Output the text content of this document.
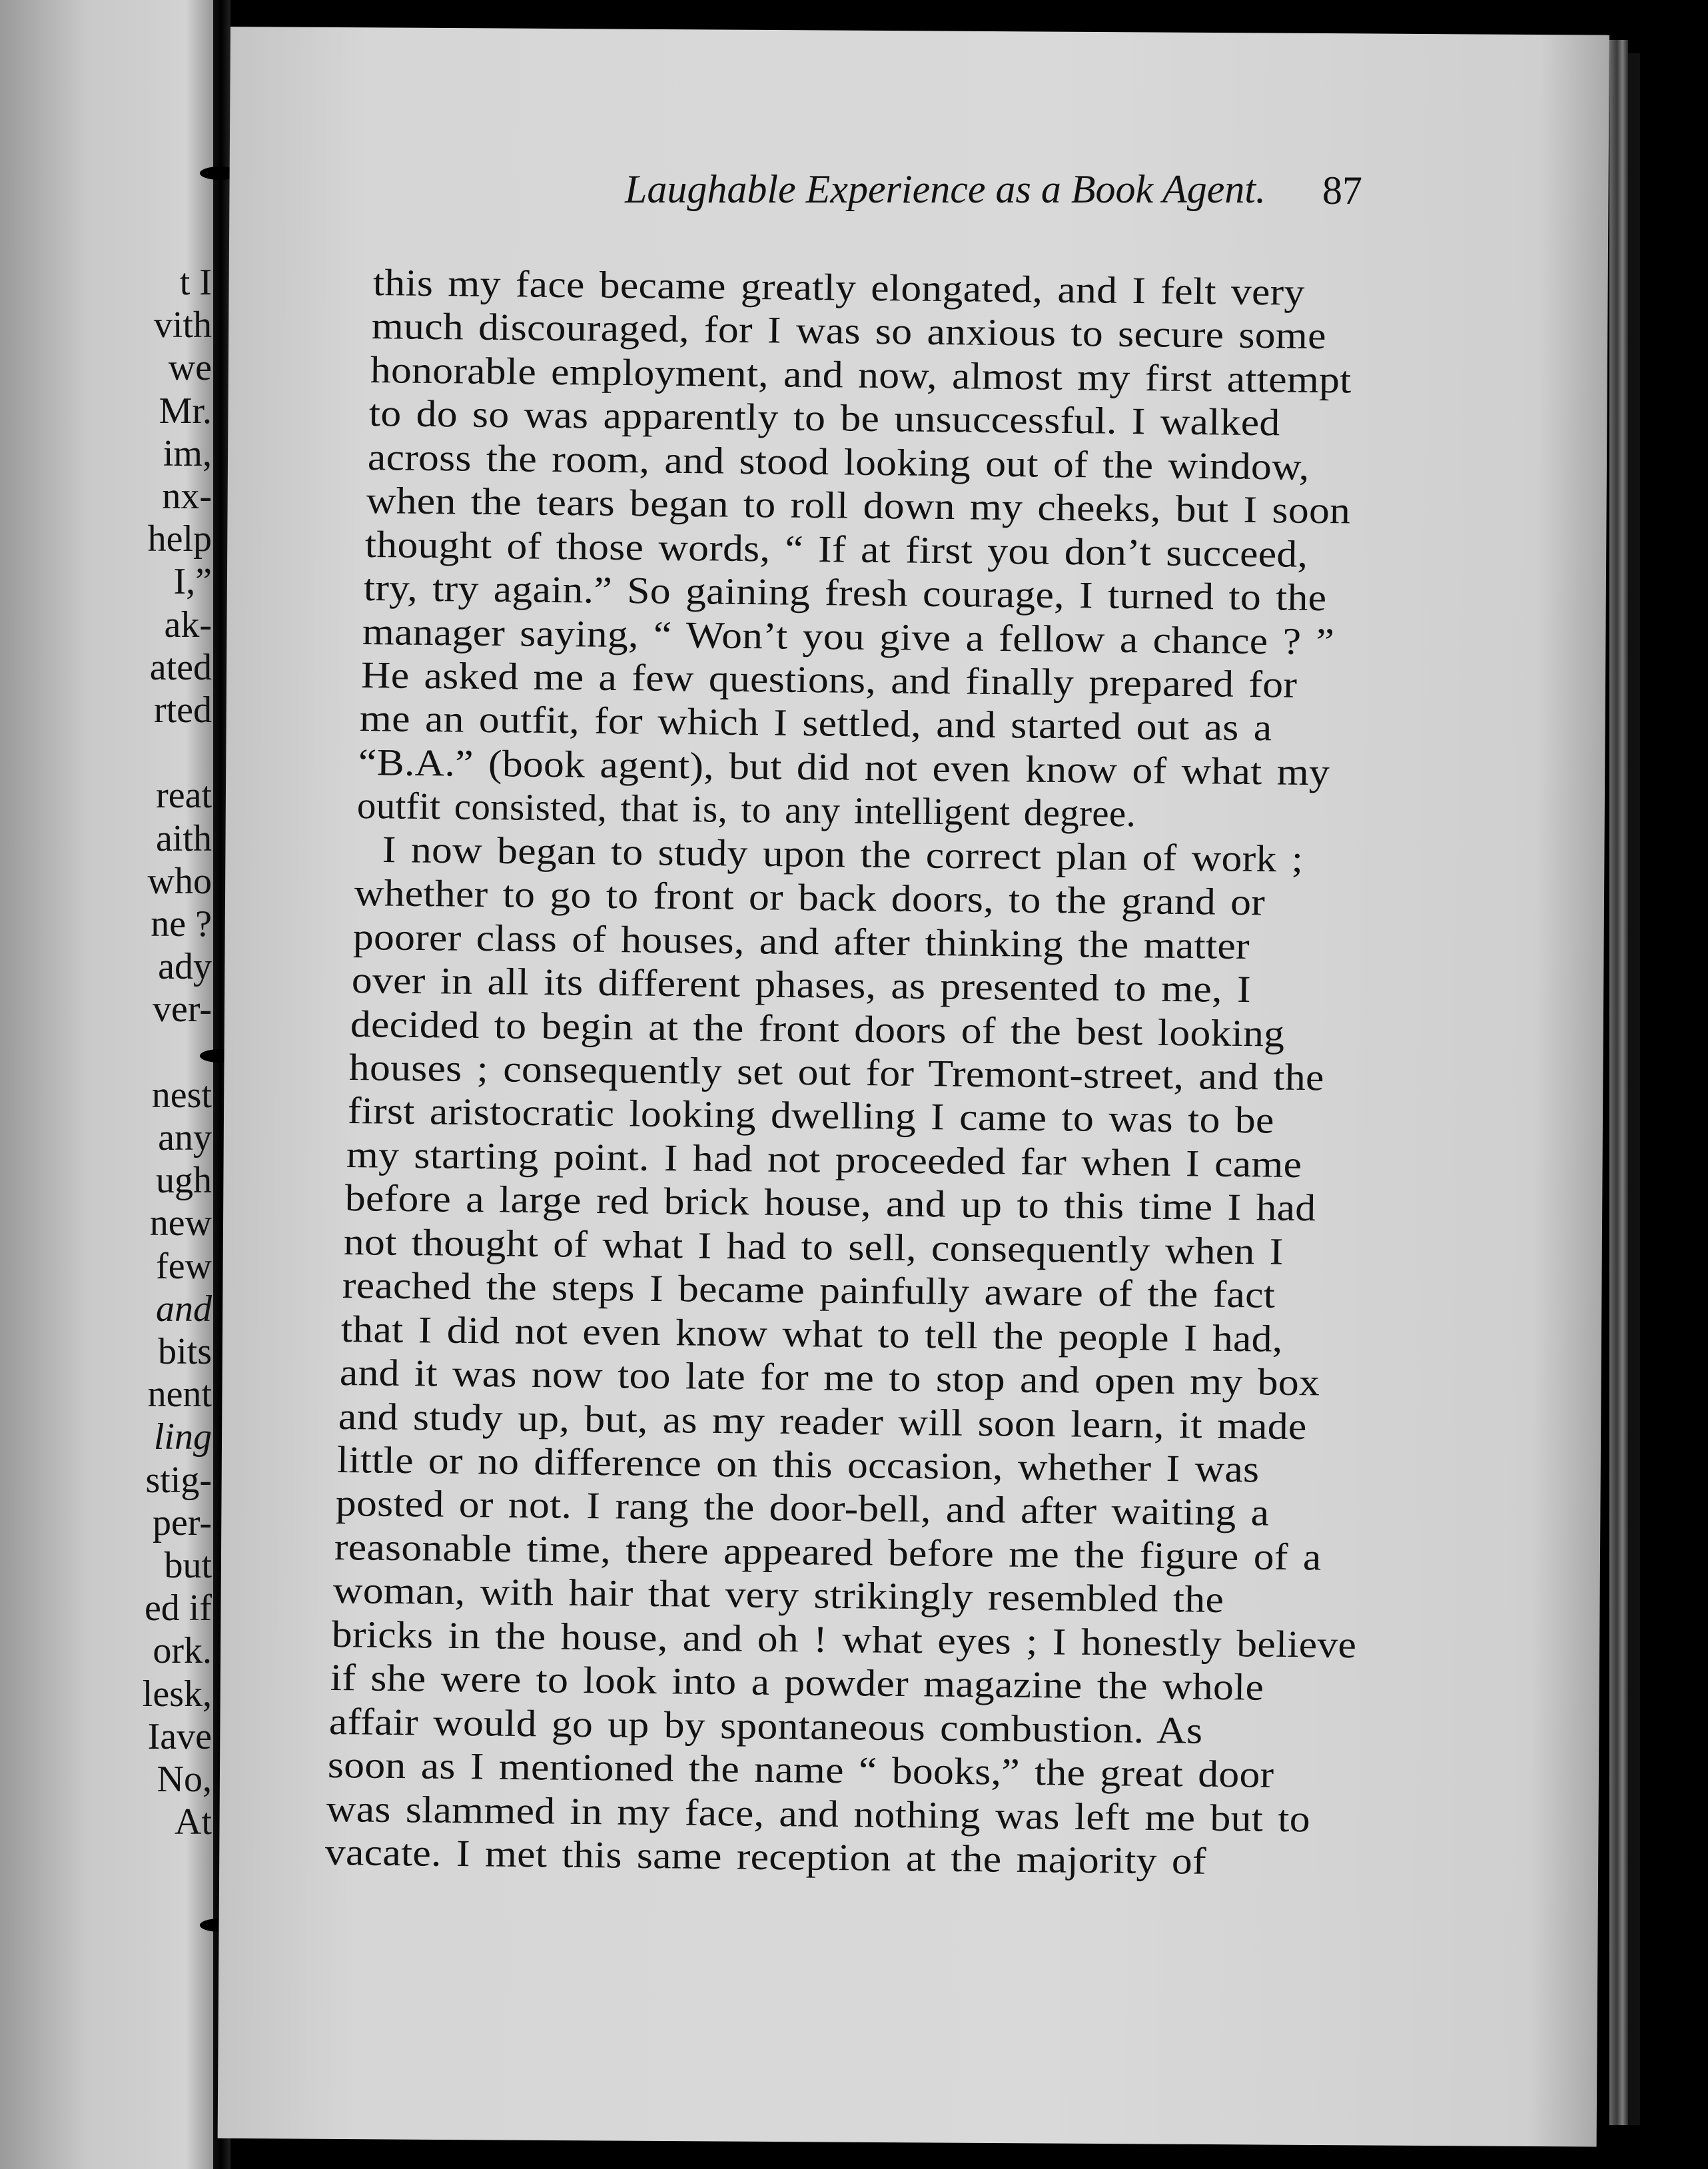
t I
vith
we
Mr.
im,
nx-
help
I,”
ak-
ated
rted
reat
aith
who
ne ?
ady
ver-
nest
any
ugh
new
few
and
bits
nent
ling
stig-
per-
but
ed if
ork.
lesk,
Iave
No,
At
Laughable Experience as a Book Agent. 87
this my face became greatly elongated, and I felt very
much discouraged, for I was so anxious to secure some
honorable employment, and now, almost my first attempt
to do so was apparently to be unsuccessful. I walked
across the room, and stood looking out of the window,
when the tears began to roll down my cheeks, but I soon
thought of those words, “ If at first you don’t succeed,
try, try again.” So gaining fresh courage, I turned to the
manager saying, “ Won’t you give a fellow a chance ? ”
He asked me a few questions, and finally prepared for
me an outfit, for which I settled, and started out as a
“B.A.” (book agent), but did not even know of what my
outfit consisted, that is, to any intelligent degree.
I now began to study upon the correct plan of work ;
whether to go to front or back doors, to the grand or
poorer class of houses, and after thinking the matter
over in all its different phases, as presented to me, I
decided to begin at the front doors of the best looking
houses ; consequently set out for Tremont-street, and the
first aristocratic looking dwelling I came to was to be
my starting point. I had not proceeded far when I came
before a large red brick house, and up to this time I had
not thought of what I had to sell, consequently when I
reached the steps I became painfully aware of the fact
that I did not even know what to tell the people I had,
and it was now too late for me to stop and open my box
and study up, but, as my reader will soon learn, it made
little or no difference on this occasion, whether I was
posted or not. I rang the door-bell, and after waiting a
reasonable time, there appeared before me the figure of a
woman, with hair that very strikingly resembled the
bricks in the house, and oh ! what eyes ; I honestly believe
if she were to look into a powder magazine the whole
affair would go up by spontaneous combustion. As
soon as I mentioned the name “ books,” the great door
was slammed in my face, and nothing was left me but to
vacate. I met this same reception at the majority of
